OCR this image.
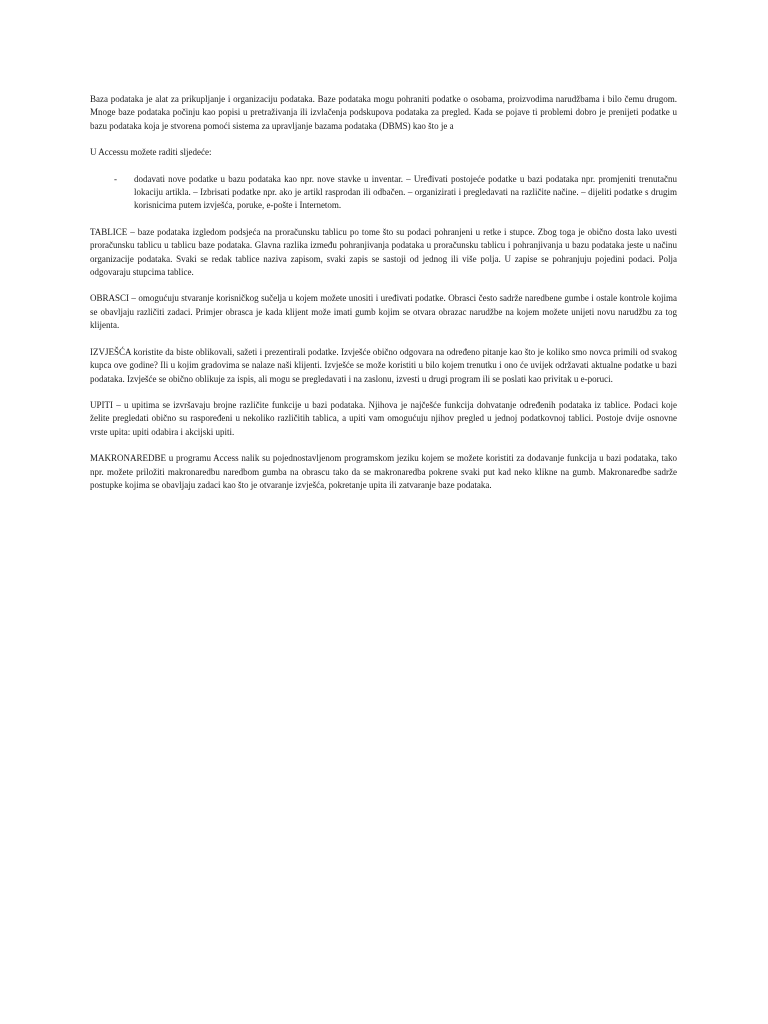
Baza podataka je alat za prikupljanje i organizaciju podataka. Baze podataka mogu pohraniti podatke o osobama, proizvodima narudžbama i bilo čemu drugom. Mnoge baze podataka počinju kao popisi u pretraživanja ili izvlačenja podskupova podataka za pregled. Kada se pojave ti problemi dobro je prenijeti podatke u bazu podataka koja je stvorena pomoći sistema za upravljanje bazama podataka (DBMS) kao što je a

U Accessu možete raditi sljedeće:

-	dodavati nove podatke u bazu podataka kao npr. nove stavke u inventar. – Uređivati postojeće podatke u bazi podataka npr. promjeniti trenutačnu lokaciju artikla. – Izbrisati podatke npr. ako je artikl rasprodan ili odbačen. – organizirati i pregledavati na različite načine. – dijeliti podatke s drugim korisnicima putem izvješća, poruke, e-pošte i Internetom.

TABLICE – baze podataka izgledom podsjeća na proračunsku tablicu po tome što su podaci pohranjeni u retke i stupce. Zbog toga je obično dosta lako uvesti proračunsku tablicu u tablicu baze podataka. Glavna razlika između pohranjivanja podataka u proračunsku tablicu i pohranjivanja u bazu podataka jeste u načinu organizacije podataka. Svaki se redak tablice naziva zapisom, svaki zapis se sastoji od jednog ili više polja. U zapise se pohranjuju pojedini podaci. Polja odgovaraju stupcima tablice.

OBRASCI – omogućuju stvaranje korisničkog sučelja u kojem možete unositi i uređivati podatke. Obrasci često sadrže naredbene gumbe i ostale kontrole kojima se obavljaju različiti zadaci. Primjer obrasca je kada klijent može imati gumb kojim se otvara obrazac narudžbe na kojem možete unijeti novu narudžbu za tog klijenta.

IZVJEŠĆA koristite da biste oblikovali, sažeti i prezentirali podatke. Izvješće obično odgovara na određeno pitanje kao što je koliko smo novca primili od svakog kupca ove godine? Ili u kojim gradovima se nalaze naši klijenti. Izvješće se može koristiti u bilo kojem trenutku i ono će uvijek održavati aktualne podatke u bazi podataka. Izvješće se obično oblikuje za ispis, ali mogu se pregledavati i na zaslonu, izvesti u drugi program ili se poslati kao privitak u e-poruci.

UPITI – u upitima se izvršavaju brojne različite funkcije u bazi podataka. Njihova je najčešće funkcija dohvatanje određenih podataka iz tablice. Podaci koje želite pregledati obično su raspoređeni u nekoliko različitih tablica, a upiti vam omogućuju njihov pregled u jednoj podatkovnoj tablici. Postoje dvije osnovne vrste upita: upiti odabira i akcijski upiti.

MAKRONAREDBE u programu Access nalik su pojednostavljenom programskom jeziku kojem se možete koristiti za dodavanje funkcija u bazi podataka, tako npr. možete priložiti makronaredbu naredbom gumba na obrascu tako da se makronaredba pokrene svaki put kad neko klikne na gumb. Makronaredbe sadrže postupke kojima se obavljaju zadaci kao što je otvaranje izvješća, pokretanje upita ili zatvaranje baze podataka.
